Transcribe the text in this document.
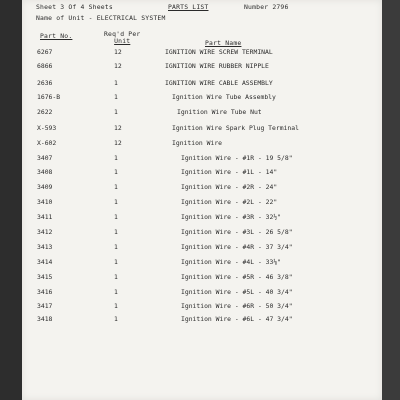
Sheet 3 Of 4 Sheets	PARTS LIST	Number 2796
Name of Unit - ELECTRICAL SYSTEM
Part No.	Req'd Per
Unit	Part Name
6267	12	IGNITION WIRE SCREW TERMINAL
6866	12	IGNITION WIRE RUBBER NIPPLE
2636	1	IGNITION WIRE CABLE ASSEMBLY
1676-B	1	Ignition Wire Tube Assembly
2622	1	Ignition Wire Tube Nut
X-593	12	Ignition Wire Spark Plug Terminal
X-602	12	Ignition Wire
3407	1	Ignition Wire - #1R - 19 5/8"
3408	1	Ignition Wire - #1L - 14"
3409	1	Ignition Wire - #2R - 24"
3410	1	Ignition Wire - #2L - 22"
3411	1	Ignition Wire - #3R - 32½"
3412	1	Ignition Wire - #3L - 26 5/8"
3413	1	Ignition Wire - #4R - 37 3/4"
3414	1	Ignition Wire - #4L - 33⅛"
3415	1	Ignition Wire - #5R - 46 3/8"
3416	1	Ignition Wire - #5L - 40 3/4"
3417	1	Ignition Wire - #6R - 50 3/4"
3418	1	Ignition Wire - #6L - 47 3/4"
